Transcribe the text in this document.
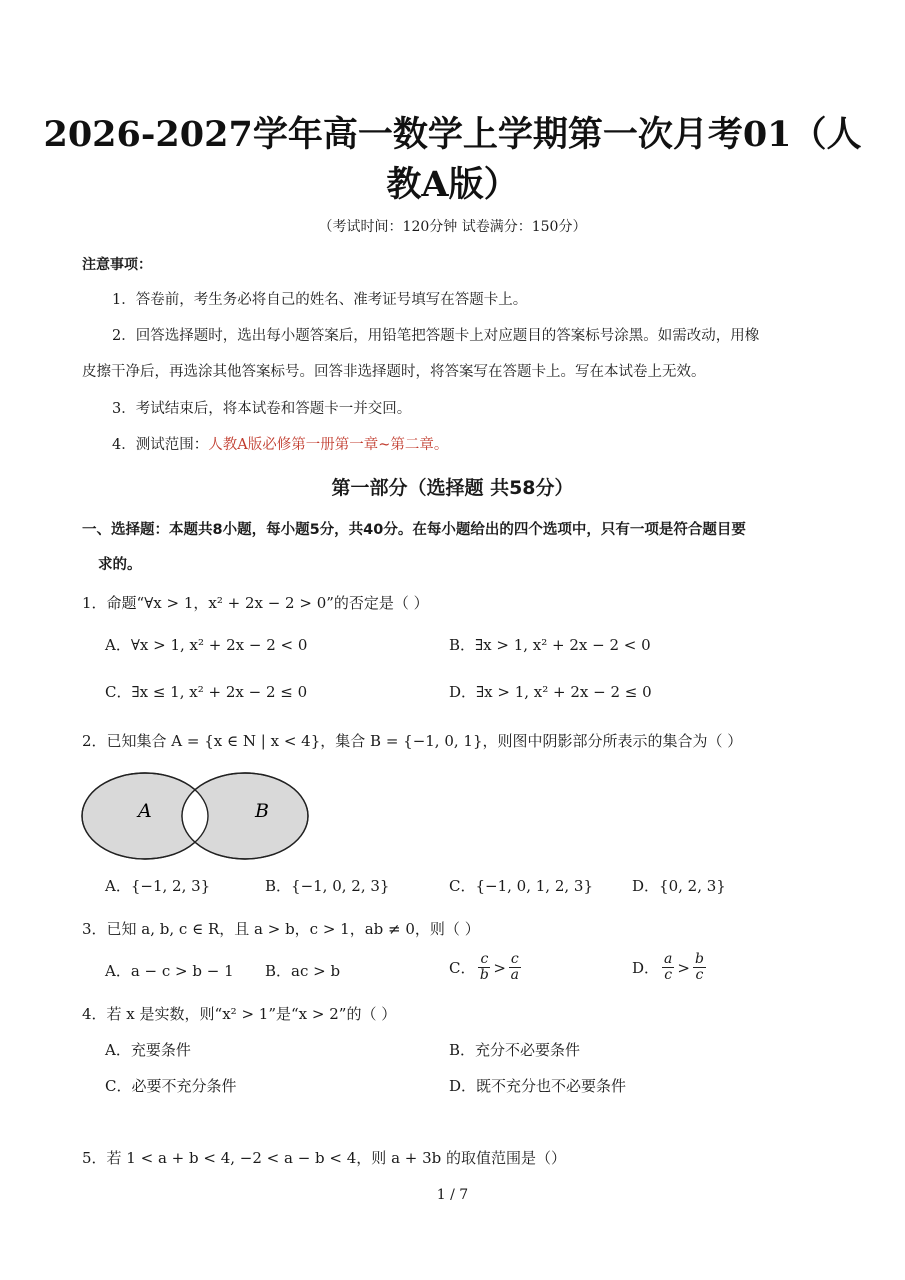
2026-2027学年高一数学上学期第一次月考01（人
教A版）
（考试时间：120分钟 试卷满分：150分）
注意事项：
1．答卷前，考生务必将自己的姓名、准考证号填写在答题卡上。
2．回答选择题时，选出每小题答案后，用铅笔把答题卡上对应题目的答案标号涂黑。如需改动，用橡
皮擦干净后，再选涂其他答案标号。回答非选择题时，将答案写在答题卡上。写在本试卷上无效。
3．考试结束后，将本试卷和答题卡一并交回。
4．测试范围：人教A版必修第一册第一章~第二章。
第一部分（选择题 共58分）
一、选择题：本题共8小题，每小题5分，共40分。在每小题给出的四个选项中，只有一项是符合题目要
求的。
1．命题“∀x > 1，x² + 2x − 2 > 0”的否定是（ ）
A．∀x > 1, x² + 2x − 2 < 0	B．∃x > 1, x² + 2x − 2 < 0
C．∃x ≤ 1, x² + 2x − 2 ≤ 0	D．∃x > 1, x² + 2x − 2 ≤ 0
2．已知集合 A = {x ∈ N | x < 4}，集合 B = {−1, 0, 1}，则图中阴影部分所表示的集合为（ ）
A	B
A．{−1, 2, 3}	B．{−1, 0, 2, 3}	C．{−1, 0, 1, 2, 3}	D．{0, 2, 3}
3．已知 a, b, c ∈ R，且 a > b，c > 1，ab ≠ 0，则（ ）
A．a − c > b − 1 B．ac > b	C． c
b > c
a	D． a
c > b
c
4．若 x 是实数，则“x² > 1”是“x > 2”的（ ）
A．充要条件	B．充分不必要条件
C．必要不充分条件	D．既不充分也不必要条件
5．若 1 < a + b < 4, −2 < a − b < 4，则 a + 3b 的取值范围是（）
1 / 7
